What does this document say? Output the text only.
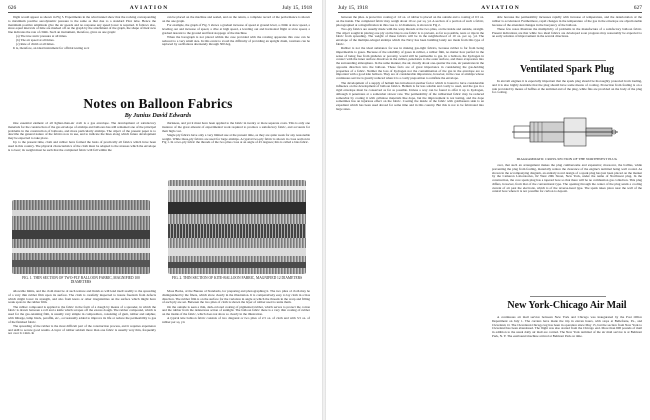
626	AVIATION	July 15, 1918

flight would appear as shown in Fig 5. Experiments in the wind tunnel show that the rocking corresponding to maximum positive aerodynamic pressure is the same as that due to a standard Pitot tube. Hence the maximum positive amplitude give the air speeds and no response any speed lower is required. It follows also, since equal intervals of time are marked off on the graph by the attachment of the graph, the shape of their new line indicates the rate of climb. Such an instrument, therefore, gives us one graph:

(a) The true static pressure at all times.
(b) The air speed at all times.
(c) Rate of climb at all times.

It is, therefore, an ideal instrument for official testing as it

can be placed on the machine and sealed, and on the return, a complete record of the performance is shown on the one graph.

For example, the graph of Fig. 5 shows a gradual increase of speed at ground level, a climb at slow speed, a leveling out and increase of speed, a dive at high speed, a leveling out and horizontal flight at slow speed, a gradual descent to the ground and final stoppage of the machine.

When the barograph is not placed within the case provided with the rotating apparatus this case can be reduced to a very small size. In this event to avoid the difficulty of providing an upright drum, rotations can be replaced by oscillations alternately through 300 deg.

Notes on Balloon Fabrics
By Junius David Edwards

One essential element of all lighter-than-air craft is a gas envelope. The development of satisfactory materials for the construction of the gas envelope of airships and balloons has still remained one of the principal problems in the construction of balloons, and more particularly airships. The object of the present paper is to describe the general nature of the fabrics now in use, and to indicate the lines along which future development may be expected to take place.

Up to the present time, cloth and rubber have formed the basis of practically all fabrics which have been used in this country. The physical characteristics of the cloth must be adapted to the stresses which the envelope is to bear; its weight must be such that the completed fabric will fall within the

thickness, and yet it must have been applied to the fabric in twenty or more separate coats. This is only one instance of the great amount of experimental work required to produce a satisfactory fabric, and accounts for their high cost.

Single ply fabrics have only a very limited use at the present time, as they are quite weak for any reasonable weight. While three-ply fabrics are used for large airships. A typical two-ply fabric is shown in cross section in Fig 1. In a two-ply fabric the threads of the two plies cross at an angle of 45 degrees; this is called a bias fabric.

FIG. 1. THIN SECTION OF TWO-PLY BALLOON FABRIC, MAGNIFIED 100 DIAMETERS
FIG. 2. THIN SECTION OF KITE-BALLOON FABRIC, MAGNIFIED 12 DIAMETERS

allowable limits, and the cloth must be of such texture and finish as will lend itself readily to the spreading of a very thin rubber film upon its surface. The cloth is carefully inspected to insure freedom from defects which might lower its strength, and also from knots or other irregularities on the surface which might have weak spots in the rubber film.

The rubber compound is applied to the fabric in the form of a dough by means of a spreader, in which the fabric is drawn between a roll and a knife which scrapes off the excess dough. The rubber compound, which is used for the gas-retaining film, is usually very simple in composition, consisting of gum, rubber and sulphur, with litharge, lamp black, paraffin, etc., occasionally added to improve its life or reduce the permeability to gas of the finished fabric.

The spreading of the rubber is the most difficult part of the construction process, and it requires experience and skill to secure good results. A layer of rubber seldom more than one fabric is usually very thin, frequently not over 0.1 mm. In

Moss Backs, of the Bureau of Standards, for preparing and photographing it. The two piles of cloth may be distinguished by the fibers, which show clearly in the illustration. It is comparatively easy to lay cloth in a bias direction. The rubber film is on the surface for the variation in angle at which the threads in the warp and filling of each ply are set. Between the two plies of cloth is shown the layer of rubber used to unite them.

On the outside is seen a thin, dark-colored coating of pigmented rubber, which serves to protect the cotton and the rubber from the deleterious action of sunlight. The balloon fabric there is a very thin coating of rubber on the inside of the fabric, which does not show so clearly in the illustration.

A typical kite balloon fabric consists of two diagonal or two plies of 2.5 oz. of cloth and with 3.5 oz. of rubber per sq. yd.

July 15, 1918	AVIATION	627

between the plies. A protective coating of 1.0 oz. of rubber is placed on the outside and a coating of 0.5 oz. on the inside. The completed fabric may weigh about 10 oz. per sq. yd. A section of a portion of such a fabric, photographed at a magnification in this case to 12 diameters, is shown in Fig 2.

Two-ply fabrics are usually made with the warp threads at the two plies, on the inside and outside, straight. The object sought in placing one ply on the bias is one fabric is to prevent, as far as possible, tears or rips in the fabric from spreading. The weight of these fabrics will be in the neighborhood of 10 oz. per sq. yd. The envelope of the multiple-winged airships which the Navy has been building lately are made from this type of fabric.

Rubber is not the ideal substance for use in making gas-tight fabrics, because rubber is far from being impermeable to gases. Because of the solubility of gases in rubber, a rubber film, no matter how perfect in the sense of being free from pinholes or porosity, would still be permeable to gas. In a balloon, the hydrogen in contact with the inner surface dissolves in the rubber, penetrates to the outer surface, and there evaporates into the surrounding atmosphere. In the same manner, the air, mostly about one-quarter the rate, air penetrates in the opposite direction into the balloon. These facts are of great importance in considering the gas-holding properties of a fabric. Neither the loss of hydrogen nor the contamination of the gas in the envelope are so important with a good kite balloon. They are of considerable importance, however, in the case of airships whose continuous service is greatly reduced when it is a costly preposition to reinflate the envelope.

The development of a supply of helium has introduced another factor which is bound to have considerable influence on the development of balloon fabrics. Helium is far less soluble and costly to used, and the gas in a rigid envelope must be conserved as far as possible. Unless a way can be found to offer it up to hydrogen, although it penetrates at a somewhat slower rate. The permeability of the rubberized fabric may be reduced somewhat by coating it with cellulose materials like dope, but the improvement is not lasting, and the dope sometimes has an injurious effect on the fabric. Coating the inside of the fabric with goldbeaters skin is an expedient which has been used abroad for some time and in this country. But this is not to be fabricated into large sizes.

able because the permeability increases rapidly with increase of temperature, and the deterioration of the rubber is accelerated. Furthermore, rapid changes in the temperature of the gas in the envelope are objectionable because of the attendant changes in the buoyancy of the balloon.

These few notes illustrate the multiplicity of problems in the manufacture of a satisfactory balloon fabric. Present indications are that while two ideal fabrics are developed soon progress may reasonably be expected to an early solution of improvement in the several directions.

Ventilated Spark Plug

In aircraft engines it is especially important that the spark plug should be thoroughly protected from fouling, and it is also highly desirable that the plug should have some means of cooling. Protection from fouling is on a rule provided by means of baffles at the terminal end of the plug, while fins are provided on the body of the plug for cooling.

DIAGRAMMATIC CROSS-SECTION OF THE NORTHWEST PLUG

over, that such an arrangement makes the plug cumbersome and expensive; moreover, the baffles, while preventing the plug from fouling, materially reduce the clearance of the engine's terminal being well cooled. As shown in the accompanying diagram, an entirely novel design of a spark plug has just been placed on the market by the Cameron Laboratories, 62 West 20th Street, New York, under the name of Northwest plug. In the construction, the core spark plug has a tapered bore so that there will be no combustion gas collection. This plug differs, however, from that of the conventional type. The opening through the center of the plug sends a cooling current of air past the electrode, which is of the reverse-head type. The spark takes place near the wall of the central bore where it is not possible for carbon to deposit.

New York-Chicago Air Mail

A continuous air mail service between New York and Chicago was inaugurated by the Post Office Department on July 1. The carriers have made the trip in eleven hours, with stops at Bellefonte, Pa., and Cleveland, O. The Cleveland-Chicago leg has been in operation since May 15, but the section from New York to Cleveland has been abandoned. The flight was also started from the Chicago end. More than 600 pounds of mail in addition to the usual daily air mail are carried. The New York terminal of the air mail service is at Belmont Park, N. Y. The eastbound machine arrived at Belmont Park on time.
